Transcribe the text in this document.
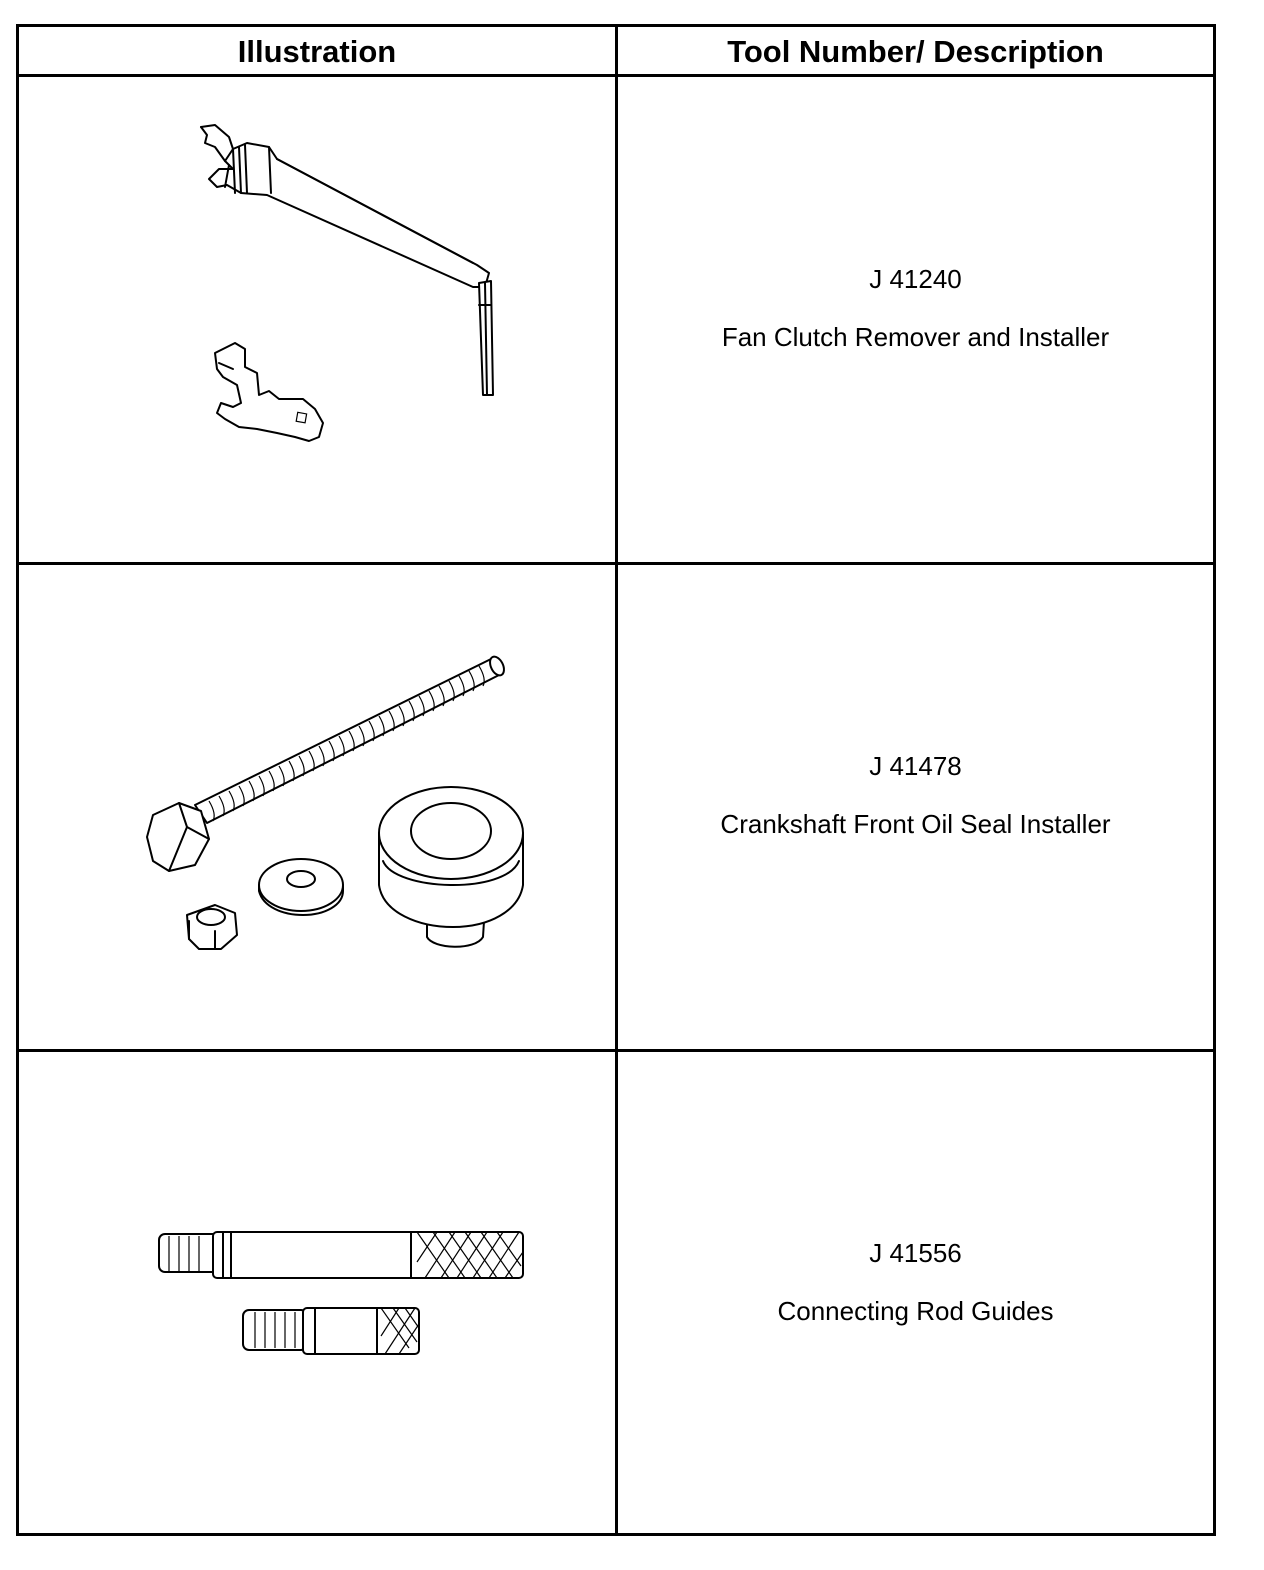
Illustration	Tool Number/ Description
J 41240
Fan Clutch Remover and Installer
J 41478
Crankshaft Front Oil Seal Installer
J 41556
Connecting Rod Guides
